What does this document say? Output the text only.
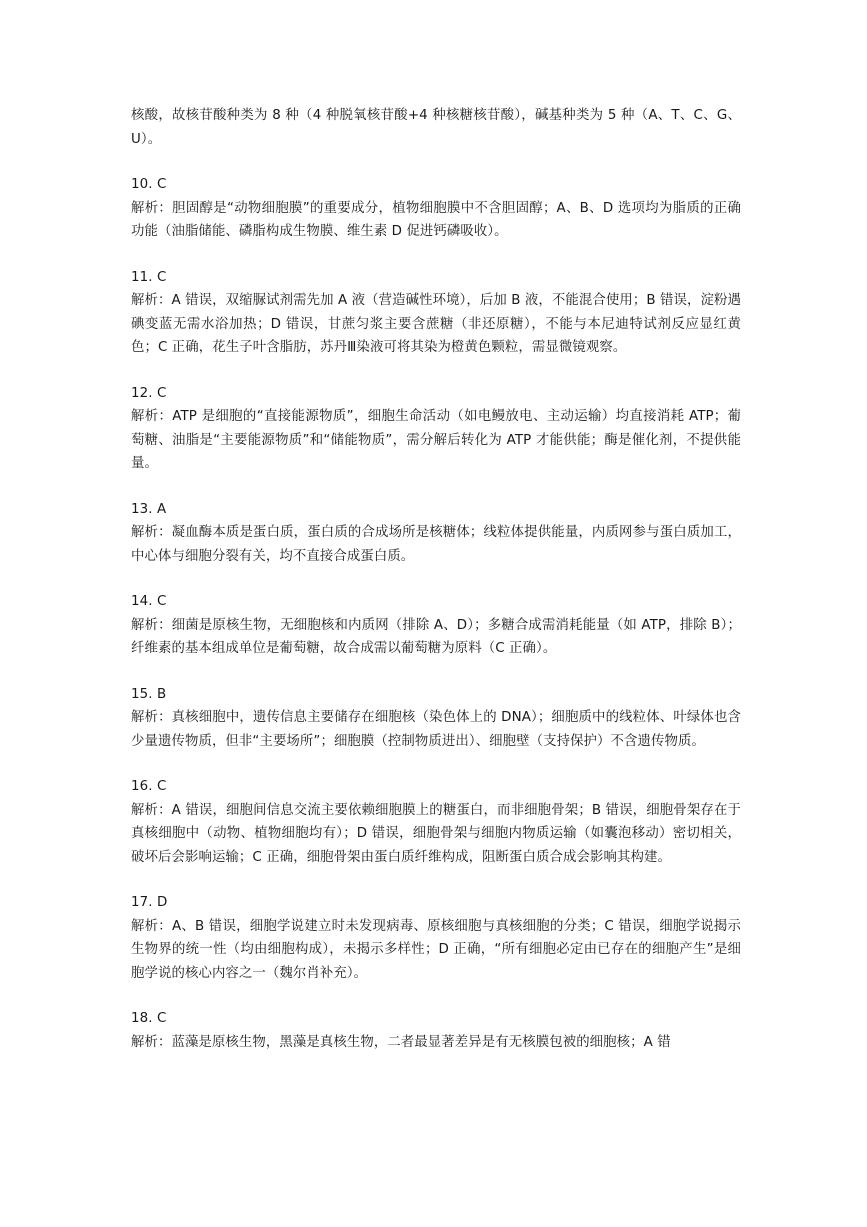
核酸，故核苷酸种类为 8 种（4 种脱氧核苷酸+4 种核糖核苷酸），碱基种类为 5 种（A、T、C、G、U）。

10. C

解析：胆固醇是“动物细胞膜”的重要成分，植物细胞膜中不含胆固醇；A、B、D 选项均为脂质的正确功能（油脂储能、磷脂构成生物膜、维生素 D 促进钙磷吸收）。

11. C

解析：A 错误，双缩脲试剂需先加 A 液（营造碱性环境），后加 B 液，不能混合使用；B 错误，淀粉遇碘变蓝无需水浴加热；D 错误，甘蔗匀浆主要含蔗糖（非还原糖），不能与本尼迪特试剂反应显红黄色；C 正确，花生子叶含脂肪，苏丹Ⅲ染液可将其染为橙黄色颗粒，需显微镜观察。

12. C

解析：ATP 是细胞的“直接能源物质”，细胞生命活动（如电鳗放电、主动运输）均直接消耗 ATP；葡萄糖、油脂是“主要能源物质”和“储能物质”，需分解后转化为 ATP 才能供能；酶是催化剂，不提供能量。

13. A

解析：凝血酶本质是蛋白质，蛋白质的合成场所是核糖体；线粒体提供能量，内质网参与蛋白质加工，中心体与细胞分裂有关，均不直接合成蛋白质。

14. C

解析：细菌是原核生物，无细胞核和内质网（排除 A、D）；多糖合成需消耗能量（如 ATP，排除 B）；纤维素的基本组成单位是葡萄糖，故合成需以葡萄糖为原料（C 正确）。

15. B

解析：真核细胞中，遗传信息主要储存在细胞核（染色体上的 DNA）；细胞质中的线粒体、叶绿体也含少量遗传物质，但非“主要场所”；细胞膜（控制物质进出）、细胞壁（支持保护）不含遗传物质。

16. C

解析：A 错误，细胞间信息交流主要依赖细胞膜上的糖蛋白，而非细胞骨架；B 错误，细胞骨架存在于真核细胞中（动物、植物细胞均有）；D 错误，细胞骨架与细胞内物质运输（如囊泡移动）密切相关，破坏后会影响运输；C 正确，细胞骨架由蛋白质纤维构成，阻断蛋白质合成会影响其构建。

17. D

解析：A、B 错误，细胞学说建立时未发现病毒、原核细胞与真核细胞的分类；C 错误，细胞学说揭示生物界的统一性（均由细胞构成），未揭示多样性；D 正确，“所有细胞必定由已存在的细胞产生”是细胞学说的核心内容之一（魏尔肖补充）。

18. C

解析：蓝藻是原核生物，黑藻是真核生物，二者最显著差异是有无核膜包被的细胞核；A 错
